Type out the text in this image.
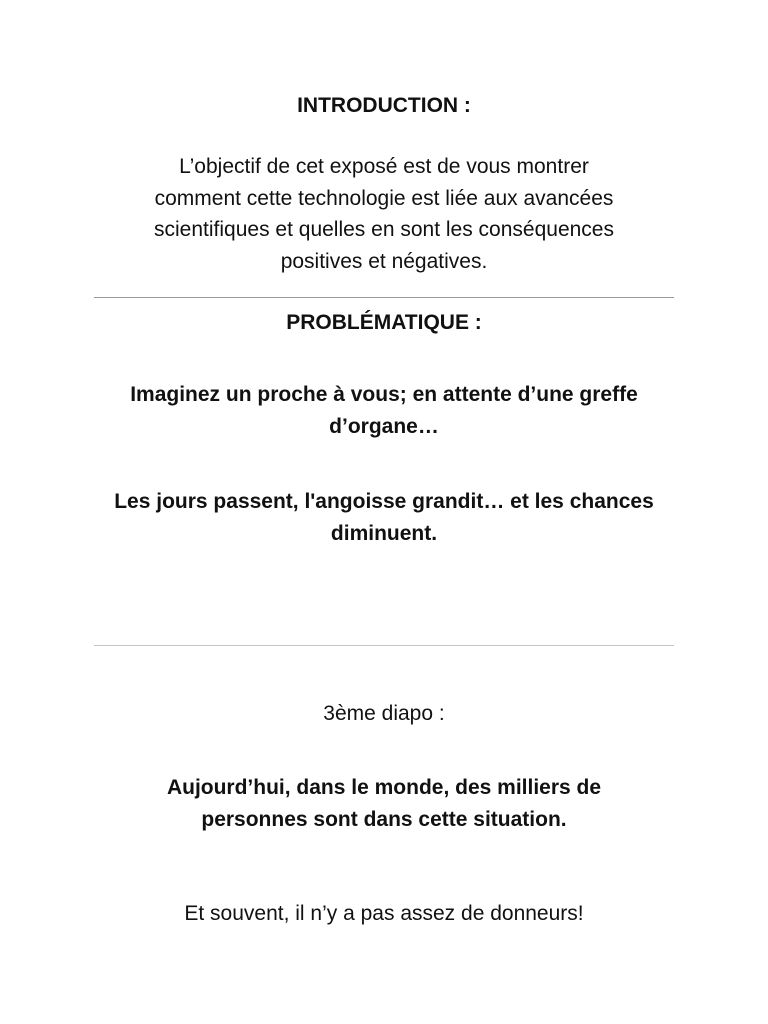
INTRODUCTION :
L’objectif de cet exposé est de vous montrer
comment cette technologie est liée aux avancées
scientifiques et quelles en sont les conséquences
positives et négatives.
PROBLÉMATIQUE :
Imaginez un proche à vous; en attente d’une greffe
d’organe…
Les jours passent, l'angoisse grandit… et les chances
diminuent.
3ème diapo :
Aujourd’hui, dans le monde, des milliers de
personnes sont dans cette situation.
Et souvent, il n’y a pas assez de donneurs!
